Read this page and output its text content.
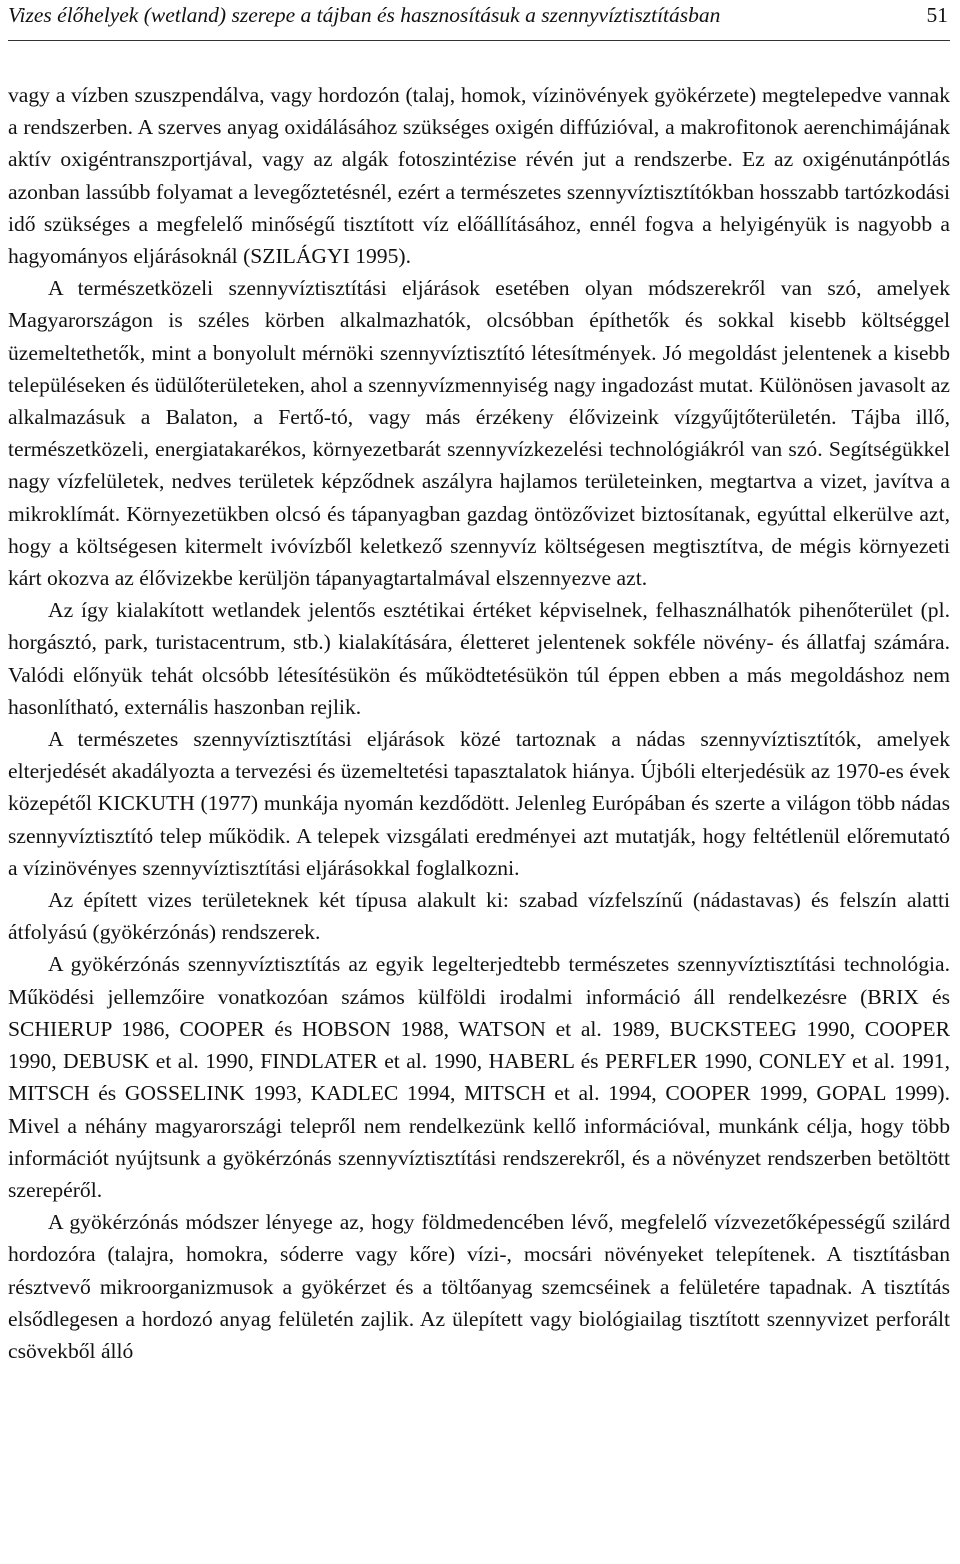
Vizes élőhelyek (wetland) szerepe a tájban és hasznosításuk a szennyvíztisztításban	51

vagy a vízben szuszpendálva, vagy hordozón (talaj, homok, vízinövények gyökérzete) megtelepedve vannak a rendszerben. A szerves anyag oxidálásához szükséges oxigén diffúzióval, a makrofitonok aerenchimájának aktív oxigéntranszportjával, vagy az algák fotoszintézise révén jut a rendszerbe. Ez az oxigénutánpótlás azonban lassúbb folyamat a levegőztetésnél, ezért a természetes szennyvíztisztítókban hosszabb tartózkodási idő szükséges a megfelelő minőségű tisztított víz előállításához, ennél fogva a helyigényük is nagyobb a hagyományos eljárásoknál (SZILÁGYI 1995).

A természetközeli szennyvíztisztítási eljárások esetében olyan módszerekről van szó, amelyek Magyarországon is széles körben alkalmazhatók, olcsóbban építhetők és sokkal kisebb költséggel üzemeltethetők, mint a bonyolult mérnöki szennyvíztisztító létesítmények. Jó megoldást jelentenek a kisebb településeken és üdülőterületeken, ahol a szennyvízmennyiség nagy ingadozást mutat. Különösen javasolt az alkalmazásuk a Balaton, a Fertő-tó, vagy más érzékeny élővizeink vízgyűjtőterületén. Tájba illő, természetközeli, energiatakarékos, környezetbarát szennyvízkezelési technológiákról van szó. Segítségükkel nagy vízfelületek, nedves területek képződnek aszályra hajlamos területeinken, megtartva a vizet, javítva a mikroklímát. Környezetükben olcsó és tápanyagban gazdag öntözővizet biztosítanak, egyúttal elkerülve azt, hogy a költségesen kitermelt ivóvízből keletkező szennyvíz költségesen megtisztítva, de mégis környezeti kárt okozva az élővizekbe kerüljön tápanyagtartalmával elszennyezve azt.

Az így kialakított wetlandek jelentős esztétikai értéket képviselnek, felhasználhatók pihenőterület (pl. horgásztó, park, turistacentrum, stb.) kialakítására, életteret jelentenek sokféle növény- és állatfaj számára. Valódi előnyük tehát olcsóbb létesítésükön és működtetésükön túl éppen ebben a más megoldáshoz nem hasonlítható, externális haszonban rejlik.

A természetes szennyvíztisztítási eljárások közé tartoznak a nádas szennyvíztisztítók, amelyek elterjedését akadályozta a tervezési és üzemeltetési tapasztalatok hiánya. Újbóli elterjedésük az 1970-es évek közepétől KICKUTH (1977) munkája nyomán kezdődött. Jelenleg Európában és szerte a világon több nádas szennyvíztisztító telep működik. A telepek vizsgálati eredményei azt mutatják, hogy feltétlenül előremutató a vízinövényes szennyvíztisztítási eljárásokkal foglalkozni.

Az épített vizes területeknek két típusa alakult ki: szabad vízfelszínű (nádastavas) és felszín alatti átfolyású (gyökérzónás) rendszerek.

A gyökérzónás szennyvíztisztítás az egyik legelterjedtebb természetes szennyvíztisztítási technológia. Működési jellemzőire vonatkozóan számos külföldi irodalmi információ áll rendelkezésre (BRIX és SCHIERUP 1986, COOPER és HOBSON 1988, WATSON et al. 1989, BUCKSTEEG 1990, COOPER 1990, DEBUSK et al. 1990, FINDLATER et al. 1990, HABERL és PERFLER 1990, CONLEY et al. 1991, MITSCH és GOSSELINK 1993, KADLEC 1994, MITSCH et al. 1994, COOPER 1999, GOPAL 1999). Mivel a néhány magyarországi telepről nem rendelkezünk kellő információval, munkánk célja, hogy több információt nyújtsunk a gyökérzónás szennyvíztisztítási rendszerekről, és a növényzet rendszerben betöltött szerepéről.

A gyökérzónás módszer lényege az, hogy földmedencében lévő, megfelelő vízvezetőképességű szilárd hordozóra (talajra, homokra, sóderre vagy kőre) vízi-, mocsári növényeket telepítenek. A tisztításban résztvevő mikroorganizmusok a gyökérzet és a töltőanyag szemcséinek a felületére tapadnak. A tisztítás elsődlegesen a hordozó anyag felületén zajlik. Az ülepített vagy biológiailag tisztított szennyvizet perforált csövekből álló
